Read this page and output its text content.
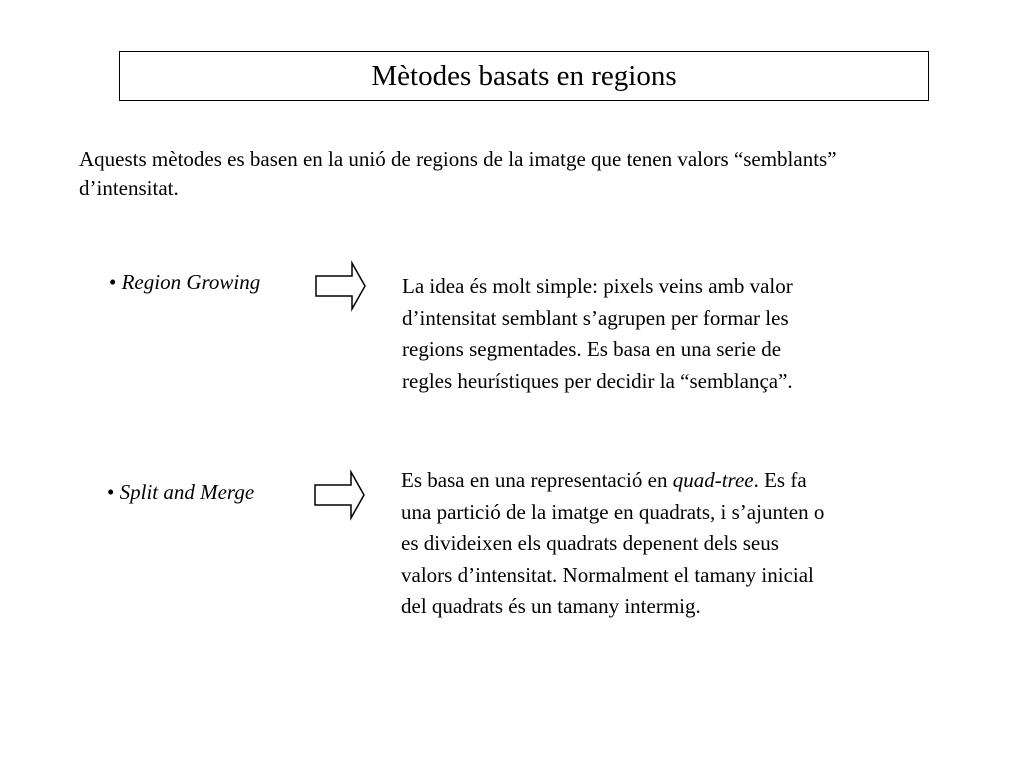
Mètodes basats en regions
Aquests mètodes es basen en la unió de regions de la imatge que tenen valors “semblants” d’intensitat.
• Region Growing	La idea és molt simple: pixels veins amb valor
d’intensitat semblant s’agrupen per formar les
regions segmentades. Es basa en una serie de
regles heurístiques per decidir la “semblança”.
• Split and Merge	Es basa en una representació en quad-tree. Es fa
una partició de la imatge en quadrats, i s’ajunten o
es divideixen els quadrats depenent dels seus
valors d’intensitat. Normalment el tamany inicial
del quadrats és un tamany intermig.
